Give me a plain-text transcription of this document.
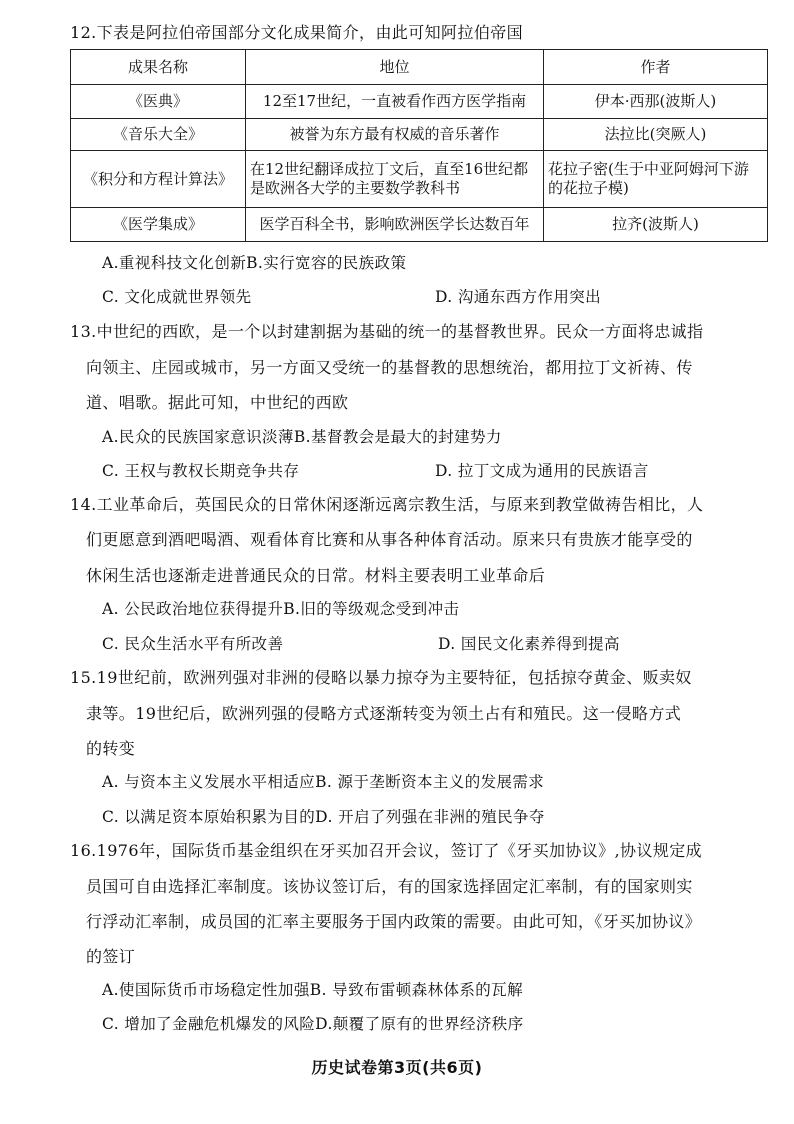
12.下表是阿拉伯帝国部分文化成果简介，由此可知阿拉伯帝国
成果名称	地位	作者
《医典》	12至17世纪，一直被看作西方医学指南	伊本·西那(波斯人)
《音乐大全》	被誉为东方最有权威的音乐著作	法拉比(突厥人)
《积分和方程计算法》	在12世纪翻译成拉丁文后，直至16世纪都是欧洲各大学的主要数学教科书	花拉子密(生于中亚阿姆河下游的花拉子模)
《医学集成》	医学百科全书，影响欧洲医学长达数百年	拉齐(波斯人)
A.重视科技文化创新B.实行宽容的民族政策
C. 文化成就世界领先	D. 沟通东西方作用突出
13.中世纪的西欧，是一个以封建割据为基础的统一的基督教世界。民众一方面将忠诚指
向领主、庄园或城市，另一方面又受统一的基督教的思想统治，都用拉丁文祈祷、传
道、唱歌。据此可知，中世纪的西欧
A.民众的民族国家意识淡薄B.基督教会是最大的封建势力
C. 王权与教权长期竞争共存	D. 拉丁文成为通用的民族语言
14.工业革命后，英国民众的日常休闲逐渐远离宗教生活，与原来到教堂做祷告相比，人
们更愿意到酒吧喝酒、观看体育比赛和从事各种体育活动。原来只有贵族才能享受的
休闲生活也逐渐走进普通民众的日常。材料主要表明工业革命后
A. 公民政治地位获得提升B.旧的等级观念受到冲击
C. 民众生活水平有所改善	D. 国民文化素养得到提高
15.19世纪前，欧洲列强对非洲的侵略以暴力掠夺为主要特征，包括掠夺黄金、贩卖奴
隶等。19世纪后，欧洲列强的侵略方式逐渐转变为领土占有和殖民。这一侵略方式
的转变
A. 与资本主义发展水平相适应B. 源于垄断资本主义的发展需求
C. 以满足资本原始积累为目的D. 开启了列强在非洲的殖民争夺
16.1976年，国际货币基金组织在牙买加召开会议，签订了《牙买加协议》,协议规定成
员国可自由选择汇率制度。该协议签订后，有的国家选择固定汇率制，有的国家则实
行浮动汇率制，成员国的汇率主要服务于国内政策的需要。由此可知，《牙买加协议》
的签订
A.使国际货币市场稳定性加强B. 导致布雷顿森林体系的瓦解
C. 增加了金融危机爆发的风险D.颠覆了原有的世界经济秩序
历史试卷第3页(共6页)
